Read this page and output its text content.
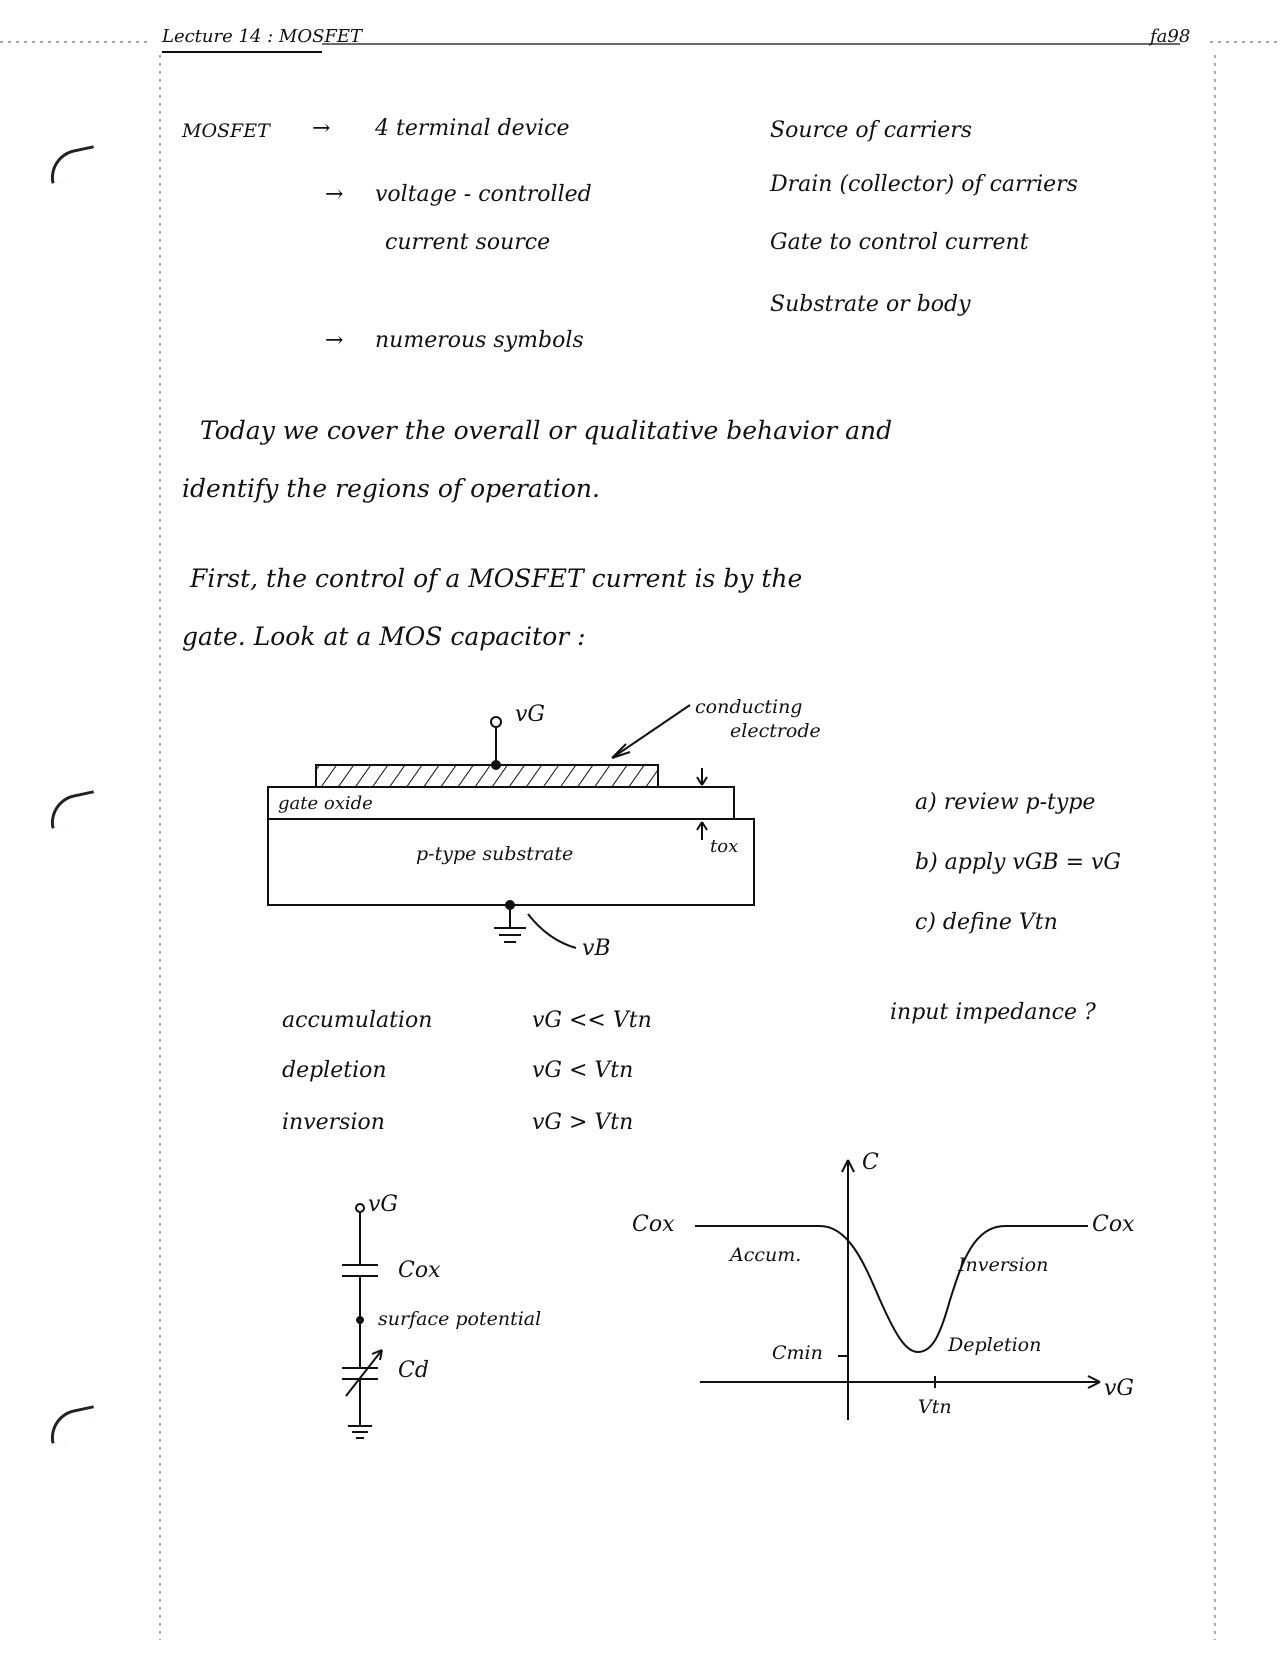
Lecture 14 : MOSFET	fa98
MOSFET → 4 terminal device
→ voltage - controlled
current source
→ numerous symbols
Source of carriers
Drain (collector) of carriers
Gate to control current
Substrate or body
Today we cover the overall or qualitative behavior and
identify the regions of operation.
First, the control of a MOSFET current is by the
gate. Look at a MOS capacitor :
vG	conducting
electrode
gate oxide
p-type substrate	tox
vB
a) review p-type
b) apply vGB = vG
c) define Vtn
input impedance ?
accumulation	vG << Vtn
depletion	vG < Vtn
inversion	vG > Vtn
vG
Cox
surface potential
Cd
C
Cox	Cox
Accum.	Inversion
Cmin	Depletion
Vtn
vG
